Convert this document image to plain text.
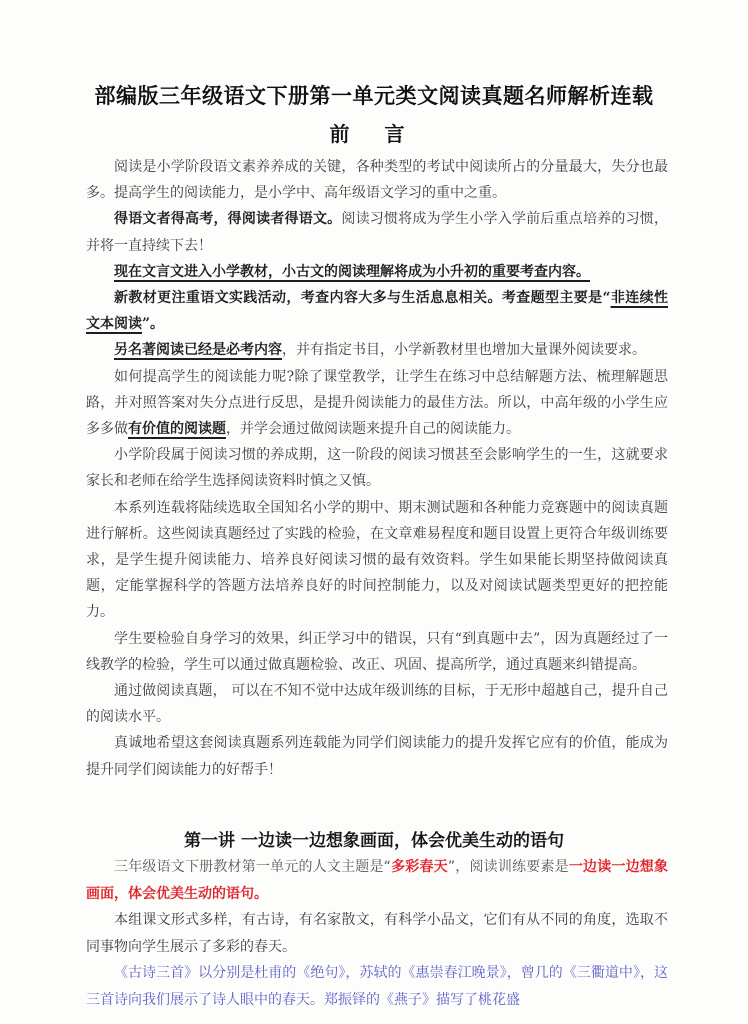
部编版三年级语文下册第一单元类文阅读真题名师解析连载
前 言

阅读是小学阶段语文素养养成的关键，各种类型的考试中阅读所占的分量最大，失分也最多。提高学生的阅读能力，是小学中、高年级语文学习的重中之重。

得语文者得高考，得阅读者得语文。阅读习惯将成为学生小学入学前后重点培养的习惯，并将一直持续下去！

现在文言文进入小学教材，小古文的阅读理解将成为小升初的重要考查内容。

新教材更注重语文实践活动，考查内容大多与生活息息相关。考查题型主要是“非连续性文本阅读”。

另名著阅读已经是必考内容，并有指定书目，小学新教材里也增加大量课外阅读要求。

如何提高学生的阅读能力呢?除了课堂教学，让学生在练习中总结解题方法、梳理解题思路，并对照答案对失分点进行反思，是提升阅读能力的最佳方法。所以，中高年级的小学生应多多做有价值的阅读题，并学会通过做阅读题来提升自己的阅读能力。

小学阶段属于阅读习惯的养成期，这一阶段的阅读习惯甚至会影响学生的一生，这就要求家长和老师在给学生选择阅读资料时慎之又慎。

本系列连载将陆续选取全国知名小学的期中、期末测试题和各种能力竞赛题中的阅读真题进行解析。这些阅读真题经过了实践的检验，在文章难易程度和题目设置上更符合年级训练要求，是学生提升阅读能力、培养良好阅读习惯的最有效资料。学生如果能长期坚持做阅读真题，定能掌握科学的答题方法培养良好的时间控制能力，以及对阅读试题类型更好的把控能力。

学生要检验自身学习的效果，纠正学习中的错误，只有“到真题中去”，因为真题经过了一线教学的检验，学生可以通过做真题检验、改正、巩固、提高所学，通过真题来纠错提高。

通过做阅读真题， 可以在不知不觉中达成年级训练的目标，于无形中超越自己，提升自己的阅读水平。

真诚地希望这套阅读真题系列连载能为同学们阅读能力的提升发挥它应有的价值，能成为提升同学们阅读能力的好帮手！

第一讲 一边读一边想象画面，体会优美生动的语句

三年级语文下册教材第一单元的人文主题是“多彩春天”，阅读训练要素是一边读一边想象画面，体会优美生动的语句。

本组课文形式多样，有古诗，有名家散文，有科学小品文，它们有从不同的角度，选取不同事物向学生展示了多彩的春天。

《古诗三首》以分别是杜甫的《绝句》，苏轼的《惠崇春江晚景》，曾几的《三衢道中》，这三首诗向我们展示了诗人眼中的春天。郑振铎的《燕子》描写了桃花盛
